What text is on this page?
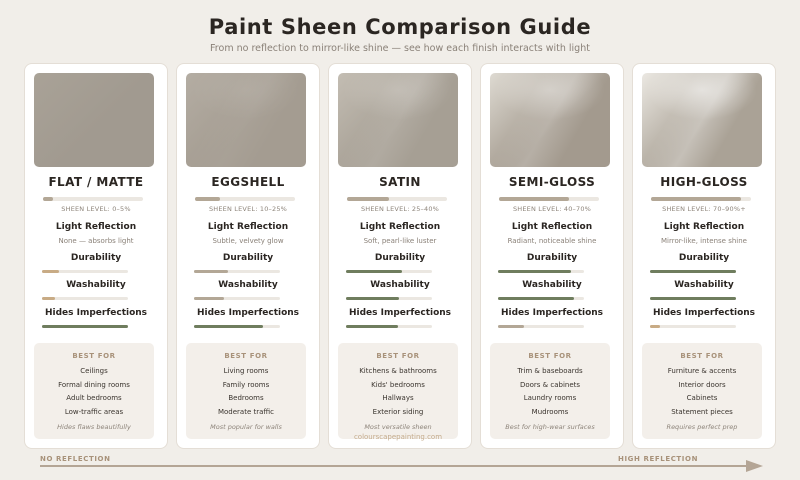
Paint Sheen Comparison Guide
From no reflection to mirror-like shine — see how each finish interacts with light
FLAT / MATTE
SHEEN LEVEL: 0–5%
Light Reflection
None — absorbs light
Durability
Washability
Hides Imperfections
BEST FOR
Ceilings
Formal dining rooms
Adult bedrooms
Low-traffic areas
Hides flaws beautifully
EGGSHELL
SHEEN LEVEL: 10–25%
Light Reflection
Subtle, velvety glow
Durability
Washability
Hides Imperfections
BEST FOR
Living rooms
Family rooms
Bedrooms
Moderate traffic
Most popular for walls
SATIN
SHEEN LEVEL: 25–40%
Light Reflection
Soft, pearl-like luster
Durability
Washability
Hides Imperfections
BEST FOR
Kitchens & bathrooms
Kids' bedrooms
Hallways
Exterior siding
Most versatile sheen
SEMI-GLOSS
SHEEN LEVEL: 40–70%
Light Reflection
Radiant, noticeable shine
Durability
Washability
Hides Imperfections
BEST FOR
Trim & baseboards
Doors & cabinets
Laundry rooms
Mudrooms
Best for high-wear surfaces
HIGH-GLOSS
SHEEN LEVEL: 70–90%+
Light Reflection
Mirror-like, intense shine
Durability
Washability
Hides Imperfections
BEST FOR
Furniture & accents
Interior doors
Cabinets
Statement pieces
Requires perfect prep
colourscapepainting.com
NO REFLECTION	HIGH REFLECTION
